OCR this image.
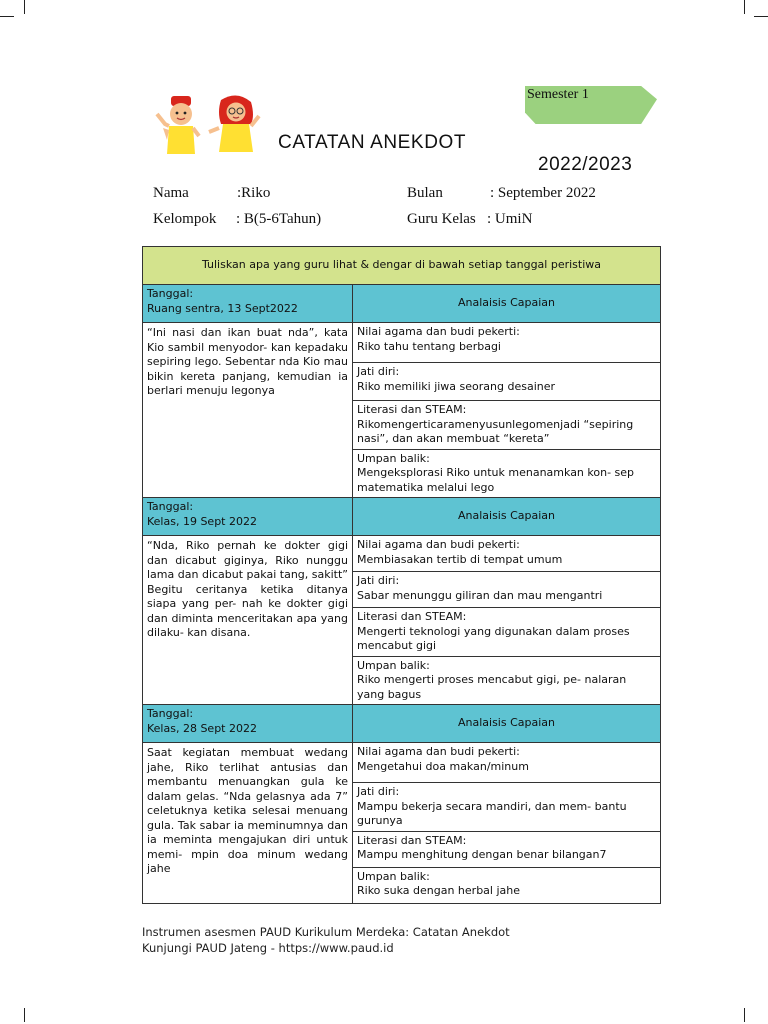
Semester 1
CATATAN ANEKDOT
2022/2023
Nama	:Riko	Bulan	: September 2022
Kelompok : B(5-6Tahun)	Guru Kelas : UmiN
Tuliskan apa yang guru lihat & dengar di bawah setiap tanggal peristiwa	

Tanggal:
Ruang sentra, 13 Sept2022	Analaisis Capaian
“Ini nasi dan ikan buat nda”, kata Kio sambil menyodor- kan kepadaku sepiring lego. Sebentar nda Kio mau bikin kereta panjang, kemudian ia berlari menuju legonya	Nilai agama dan budi pekerti:
Riko tahu tentang berbagi

	Jati diri:
Riko memiliki jiwa seorang desainer

	Literasi dan STEAM:
Rikomengerticaramenyusunlegomenjadi “sepiring nasi”, dan akan membuat “kereta”

	Umpan balik:
Mengeksplorasi Riko untuk menanamkan kon- sep matematika melalui lego

Tanggal:
Kelas, 19 Sept 2022	Analaisis Capaian
“Nda, Riko pernah ke dokter gigi dan dicabut giginya, Riko nunggu lama dan dicabut pakai tang, sakitt” Begitu ceritanya ketika ditanya siapa yang per- nah ke dokter gigi dan diminta menceritakan apa yang dilaku- kan disana.	Nilai agama dan budi pekerti:
Membiasakan tertib di tempat umum

	Jati diri:
Sabar menunggu giliran dan mau mengantri

	Literasi dan STEAM:
Mengerti teknologi yang digunakan dalam proses mencabut gigi

	Umpan balik:
Riko mengerti proses mencabut gigi, pe- nalaran yang bagus

Tanggal:
Kelas, 28 Sept 2022	Analaisis Capaian
Saat kegiatan membuat wedang jahe, Riko terlihat antusias dan membantu menuangkan gula ke dalam gelas. “Nda gelasnya ada 7” celetuknya ketika selesai menuang gula. Tak sabar ia meminumnya dan ia meminta mengajukan diri untuk memi- mpin doa minum wedang jahe	Nilai agama dan budi pekerti:
Mengetahui doa makan/minum

	Jati diri:
Mampu bekerja secara mandiri, dan mem- bantu gurunya

	Literasi dan STEAM:
Mampu menghitung dengan benar bilangan7

	Umpan balik:
Riko suka dengan herbal jahe
Instrumen asesmen PAUD Kurikulum Merdeka: Catatan Anekdot
Kunjungi PAUD Jateng - https://www.paud.id
